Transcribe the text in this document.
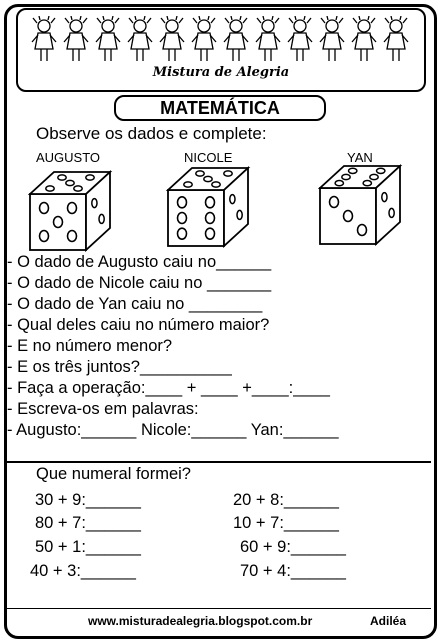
Mistura de Alegria
MATEMÁTICA
Observe os dados e complete:
AUGUSTO	NICOLE	YAN
- O dado de Augusto caiu no______
- O dado de Nicole caiu no _______
- O dado de Yan caiu no ________
- Qual deles caiu no número maior?
- E no número menor?
- E os três juntos?__________
- Faça a operação:____ + ____ +____:____
- Escreva-os em palavras:
- Augusto:______ Nicole:______ Yan:______
Que numeral formei?
30 + 9:______
80 + 7:______
50 + 1:______
40 + 3:______
20 + 8:______
10 + 7:______
60 + 9:______
70 + 4:______
www.misturadealegria.blogspot.com.br	Adiléa
